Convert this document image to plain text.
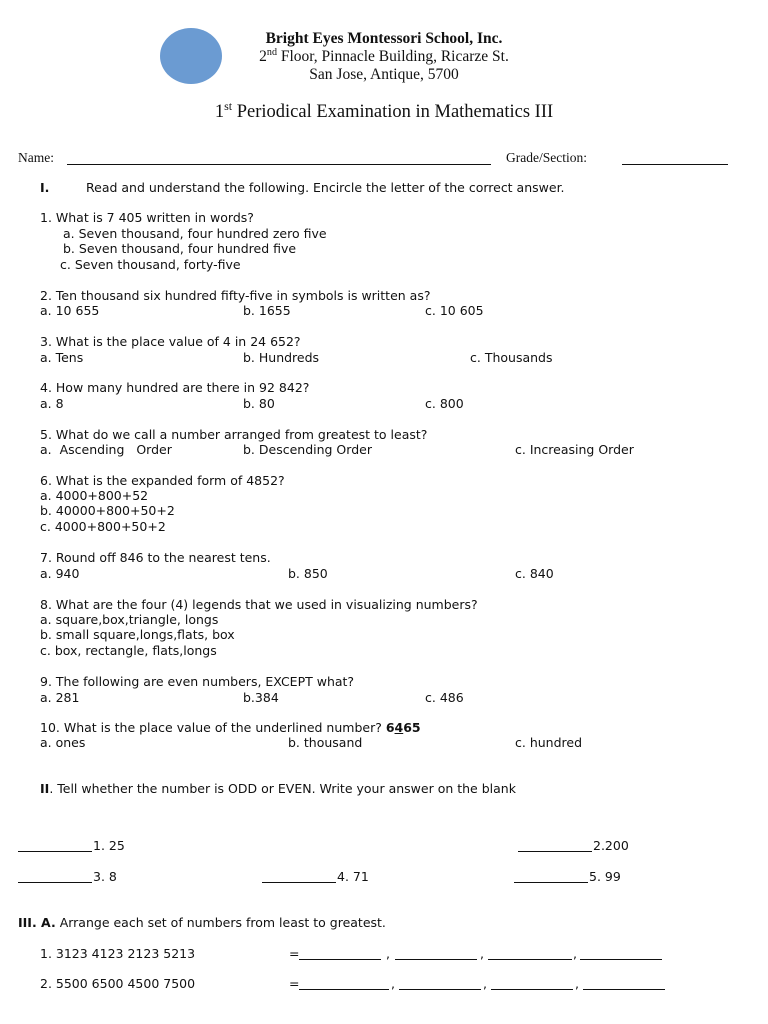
Bright Eyes Montessori School, Inc.
2nd Floor, Pinnacle Building, Ricarze St.
San Jose, Antique, 5700
1st Periodical Examination in Mathematics III
Name:	Grade/Section:
I.	Read and understand the following. Encircle the letter of the correct answer.
1. What is 7 405 written in words?
a. Seven thousand, four hundred zero five
b. Seven thousand, four hundred five
c. Seven thousand, forty-five
2. Ten thousand six hundred fifty-five in symbols is written as?
a. 10 655	b. 1655	c. 10 605
3. What is the place value of 4 in 24 652?
a. Tens	b. Hundreds	c. Thousands
4. How many hundred are there in 92 842?
a. 8	b. 80	c. 800
5. What do we call a number arranged from greatest to least?
a.  Ascending   Order	b. Descending Order	c. Increasing Order
6. What is the expanded form of 4852?
a. 4000+800+52
b. 40000+800+50+2
c. 4000+800+50+2
7. Round off 846 to the nearest tens.
a. 940	b. 850	c. 840
8. What are the four (4) legends that we used in visualizing numbers?
a. square,box,triangle, longs
b. small square,longs,flats, box
c. box, rectangle, flats,longs
9. The following are even numbers, EXCEPT what?
a. 281	b.384	c. 486
10. What is the place value of the underlined number? 6465
a. ones	b. thousand	c. hundred
II. Tell whether the number is ODD or EVEN. Write your answer on the blank
1. 25	2.200
3. 8	4. 71	5. 99
III. A. Arrange each set of numbers from least to greatest.
1. 3123 4123 2123 5213	=	,	,	,
2. 5500 6500 4500 7500	=	,	,	,
